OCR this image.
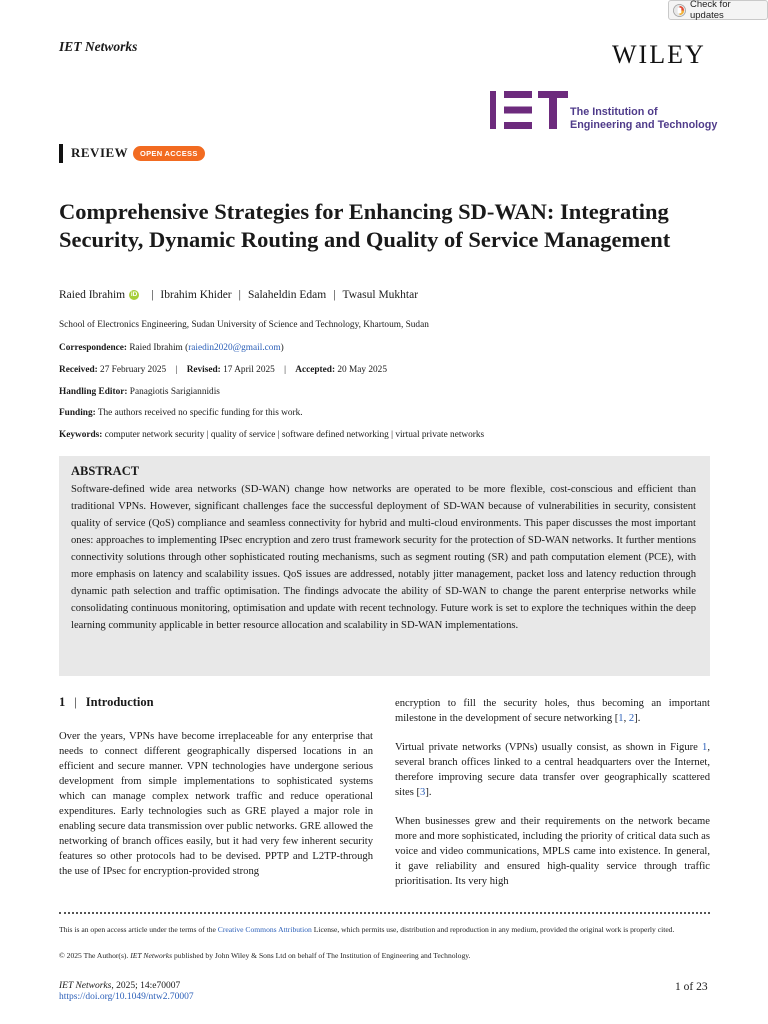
Check for updates
IET Networks	WILEY
The Institution of
Engineering and Technology
REVIEW	OPEN ACCESS
Comprehensive Strategies for Enhancing SD-WAN: Integrating Security, Dynamic Routing and Quality of Service Management
Raied Ibrahim iD | Ibrahim Khider | Salaheldin Edam | Twasul Mukhtar
School of Electronics Engineering, Sudan University of Science and Technology, Khartoum, Sudan
Correspondence: Raied Ibrahim (raiedin2020@gmail.com)
Received: 27 February 2025 | Revised: 17 April 2025 | Accepted: 20 May 2025
Handling Editor: Panagiotis Sarigiannidis
Funding: The authors received no specific funding for this work.
Keywords: computer network security | quality of service | software defined networking | virtual private networks
ABSTRACT
Software-defined wide area networks (SD-WAN) change how networks are operated to be more flexible, cost-conscious and efficient than traditional VPNs. However, significant challenges face the successful deployment of SD-WAN because of vulnerabilities in security, consistent quality of service (QoS) compliance and seamless connectivity for hybrid and multi-cloud environments. This paper discusses the most important ones: approaches to implementing IPsec encryption and zero trust framework security for the protection of SD-WAN networks. It further mentions connectivity solutions through other sophisticated routing mechanisms, such as segment routing (SR) and path computation element (PCE), with more emphasis on latency and scalability issues. QoS issues are addressed, notably jitter management, packet loss and latency reduction through dynamic path selection and traffic optimisation. The findings advocate the ability of SD-WAN to change the parent enterprise networks while consolidating continuous monitoring, optimisation and update with recent technology. Future work is set to explore the techniques within the deep learning community applicable in better resource allocation and scalability in SD-WAN implementations.
1 | Introduction

Over the years, VPNs have become irreplaceable for any enterprise that needs to connect different geographically dispersed locations in an efficient and secure manner. VPN technologies have undergone serious development from simple implementations to sophisticated systems which can manage complex network traffic and reduce operational expenditures. Early technologies such as GRE played a major role in enabling secure data transmission over public networks. GRE allowed the networking of branch offices easily, but it had very few inherent security features so other protocols had to be devised. PPTP and L2TP-through the use of IPsec for encryption-provided strong

encryption to fill the security holes, thus becoming an important milestone in the development of secure networking [1, 2].

Virtual private networks (VPNs) usually consist, as shown in Figure 1, several branch offices linked to a central headquarters over the Internet, therefore improving secure data transfer over geographically scattered sites [3].

When businesses grew and their requirements on the network became more and more sophisticated, including the priority of critical data such as voice and video communications, MPLS came into existence. In general, it gave reliability and ensured high-quality service through traffic prioritisation. Its very high

This is an open access article under the terms of the Creative Commons Attribution License, which permits use, distribution and reproduction in any medium, provided the original work is properly cited.
© 2025 The Author(s). IET Networks published by John Wiley & Sons Ltd on behalf of The Institution of Engineering and Technology.
IET Networks, 2025; 14:e70007
https://doi.org/10.1049/ntw2.70007
1 of 23
